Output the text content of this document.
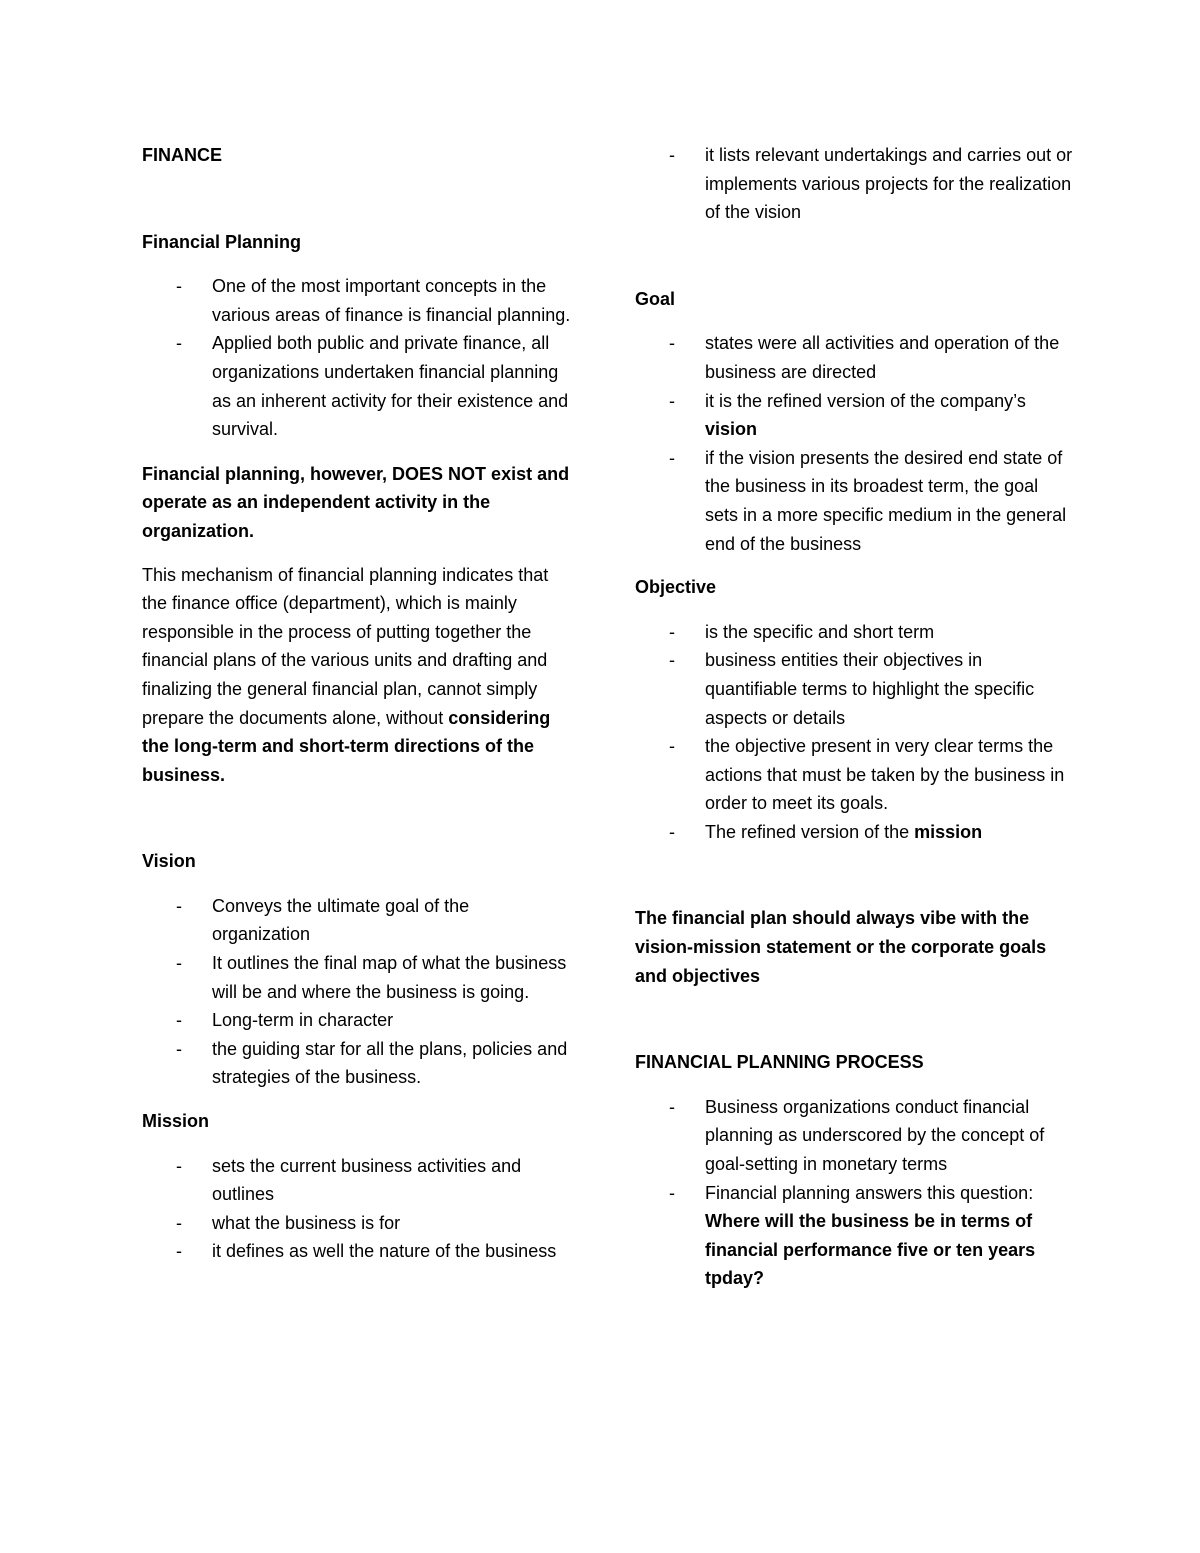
FINANCE

Financial Planning

- One of the most important concepts in the various areas of finance is financial planning.
- Applied both public and private finance, all organizations undertaken financial planning as an inherent activity for their existence and survival.

Financial planning, however, DOES NOT exist and operate as an independent activity in the organization.

This mechanism of financial planning indicates that the finance office (department), which is mainly responsible in the process of putting together the financial plans of the various units and drafting and finalizing the general financial plan, cannot simply prepare the documents alone, without considering the long-term and short-term directions of the business.

Vision

- Conveys the ultimate goal of the organization
- It outlines the final map of what the business will be and where the business is going.
- Long-term in character
- the guiding star for all the plans, policies and strategies of the business.

Mission

- sets the current business activities and outlines
- what the business is for
- it defines as well the nature of the business
- it lists relevant undertakings and carries out or implements various projects for the realization of the vision

Goal

- states were all activities and operation of the business are directed
- it is the refined version of the company’s vision
- if the vision presents the desired end state of the business in its broadest term, the goal sets in a more specific medium in the general end of the business

Objective

- is the specific and short term
- business entities their objectives in quantifiable terms to highlight the specific aspects or details
- the objective present in very clear terms the actions that must be taken by the business in order to meet its goals.
- The refined version of the mission

The financial plan should always vibe with the vision-mission statement or the corporate goals and objectives

FINANCIAL PLANNING PROCESS

- Business organizations conduct financial planning as underscored by the concept of goal-setting in monetary terms
- Financial planning answers this question: Where will the business be in terms of financial performance five or ten years tpday?
